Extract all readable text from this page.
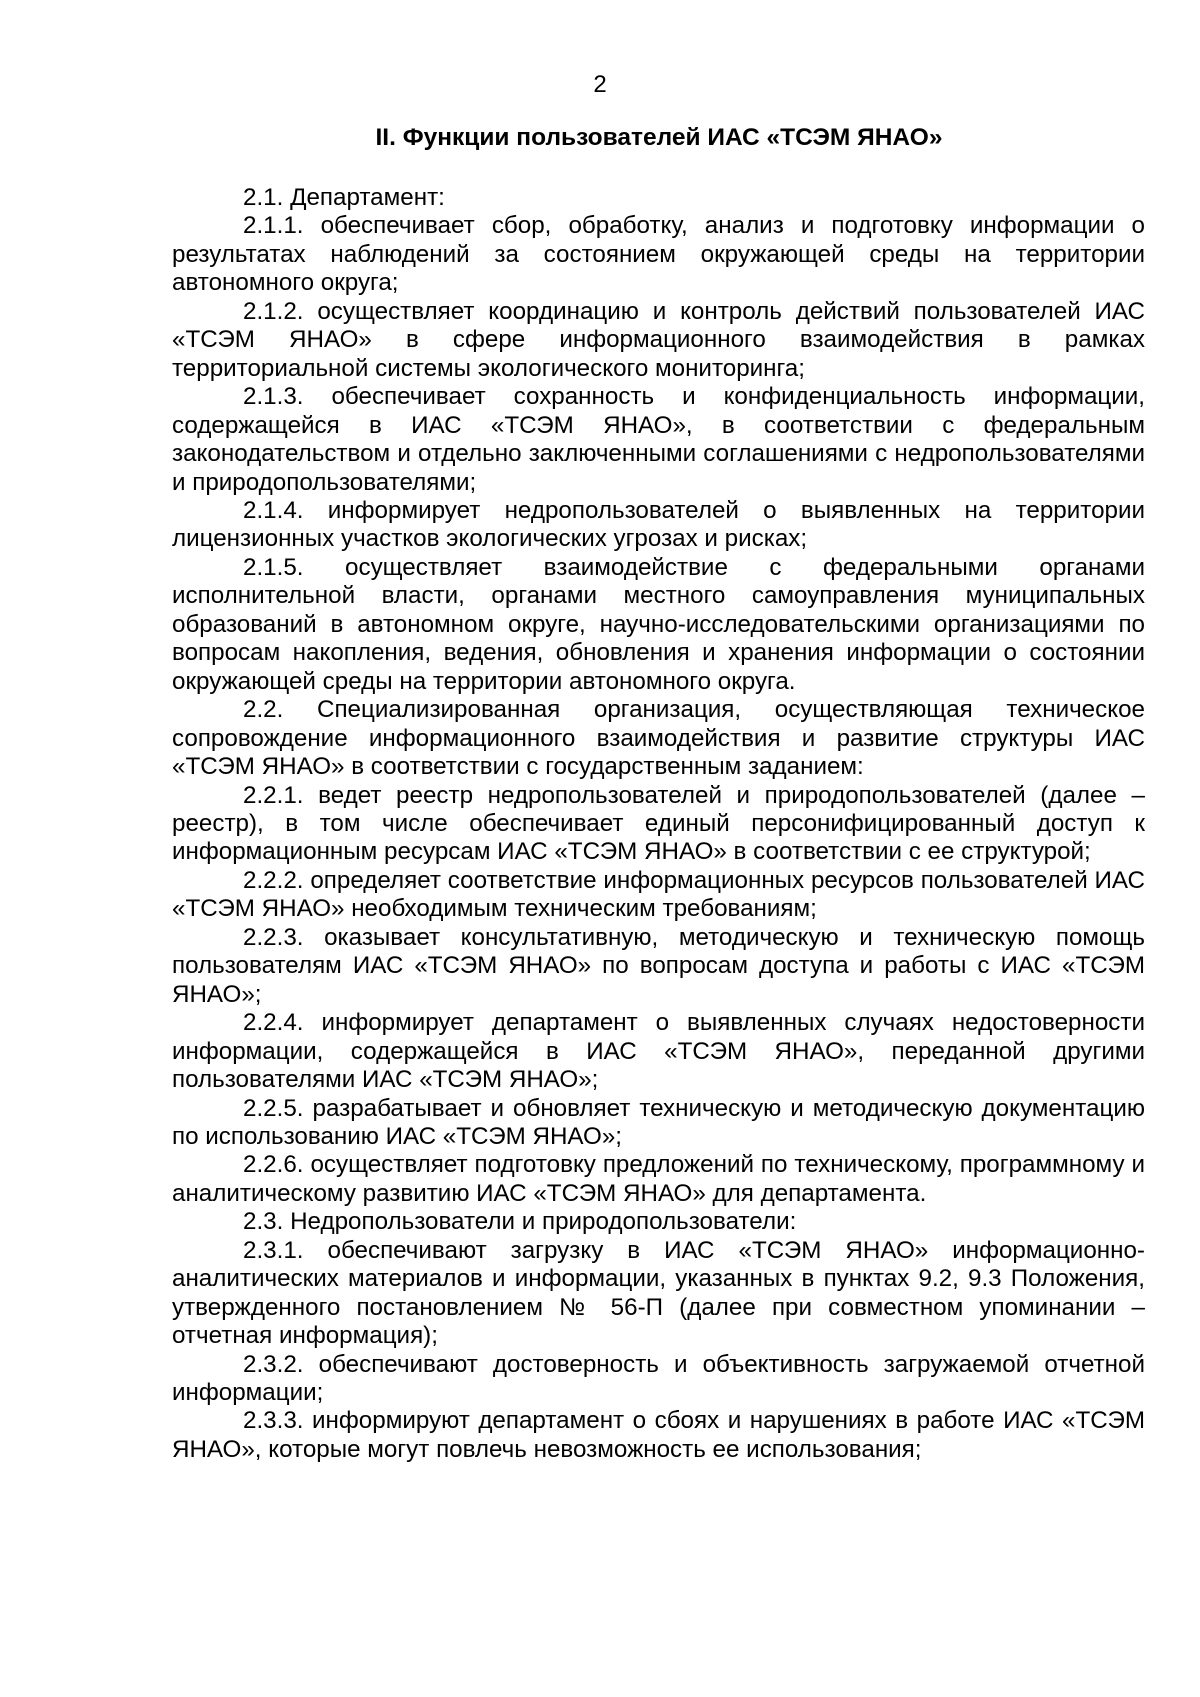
2
II. Функции пользователей ИАС «ТСЭМ ЯНАО»

2.1. Департамент:

2.1.1. обеспечивает сбор, обработку, анализ и подготовку информации о результатах наблюдений за состоянием окружающей среды на территории автономного округа;

2.1.2. осуществляет координацию и контроль действий пользователей ИАС «ТСЭМ ЯНАО» в сфере информационного взаимодействия в рамках территориальной системы экологического мониторинга;

2.1.3. обеспечивает сохранность и конфиденциальность информации, содержащейся в ИАС «ТСЭМ ЯНАО», в соответствии с федеральным законодательством и отдельно заключенными соглашениями с недропользователями и природопользователями;

2.1.4. информирует недропользователей о выявленных на территории лицензионных участков экологических угрозах и рисках;

2.1.5. осуществляет взаимодействие с федеральными органами исполнительной власти, органами местного самоуправления муниципальных образований в автономном округе, научно-исследовательскими организациями по вопросам накопления, ведения, обновления и хранения информации о состоянии окружающей среды на территории автономного округа.

2.2. Специализированная организация, осуществляющая техническое сопровождение информационного взаимодействия и развитие структуры ИАС «ТСЭМ ЯНАО» в соответствии с государственным заданием:

2.2.1. ведет реестр недропользователей и природопользователей (далее – реестр), в том числе обеспечивает единый персонифицированный доступ к информационным ресурсам ИАС «ТСЭМ ЯНАО» в соответствии с ее структурой;

2.2.2. определяет соответствие информационных ресурсов пользователей ИАС «ТСЭМ ЯНАО» необходимым техническим требованиям;

2.2.3. оказывает консультативную, методическую и техническую помощь пользователям ИАС «ТСЭМ ЯНАО» по вопросам доступа и работы с ИАС «ТСЭМ ЯНАО»;

2.2.4. информирует департамент о выявленных случаях недостоверности информации, содержащейся в ИАС «ТСЭМ ЯНАО», переданной другими пользователями ИАС «ТСЭМ ЯНАО»;

2.2.5. разрабатывает и обновляет техническую и методическую документацию по использованию ИАС «ТСЭМ ЯНАО»;

2.2.6. осуществляет подготовку предложений по техническому, программному и аналитическому развитию ИАС «ТСЭМ ЯНАО» для департамента.

2.3. Недропользователи и природопользователи:

2.3.1. обеспечивают загрузку в ИАС «ТСЭМ ЯНАО» информационно-аналитических материалов и информации, указанных в пунктах 9.2, 9.3 Положения, утвержденного постановлением № 56-П (далее при совместном упоминании – отчетная информация);

2.3.2. обеспечивают достоверность и объективность загружаемой отчетной информации;

2.3.3. информируют департамент о сбоях и нарушениях в работе ИАС «ТСЭМ ЯНАО», которые могут повлечь невозможность ее использования;
